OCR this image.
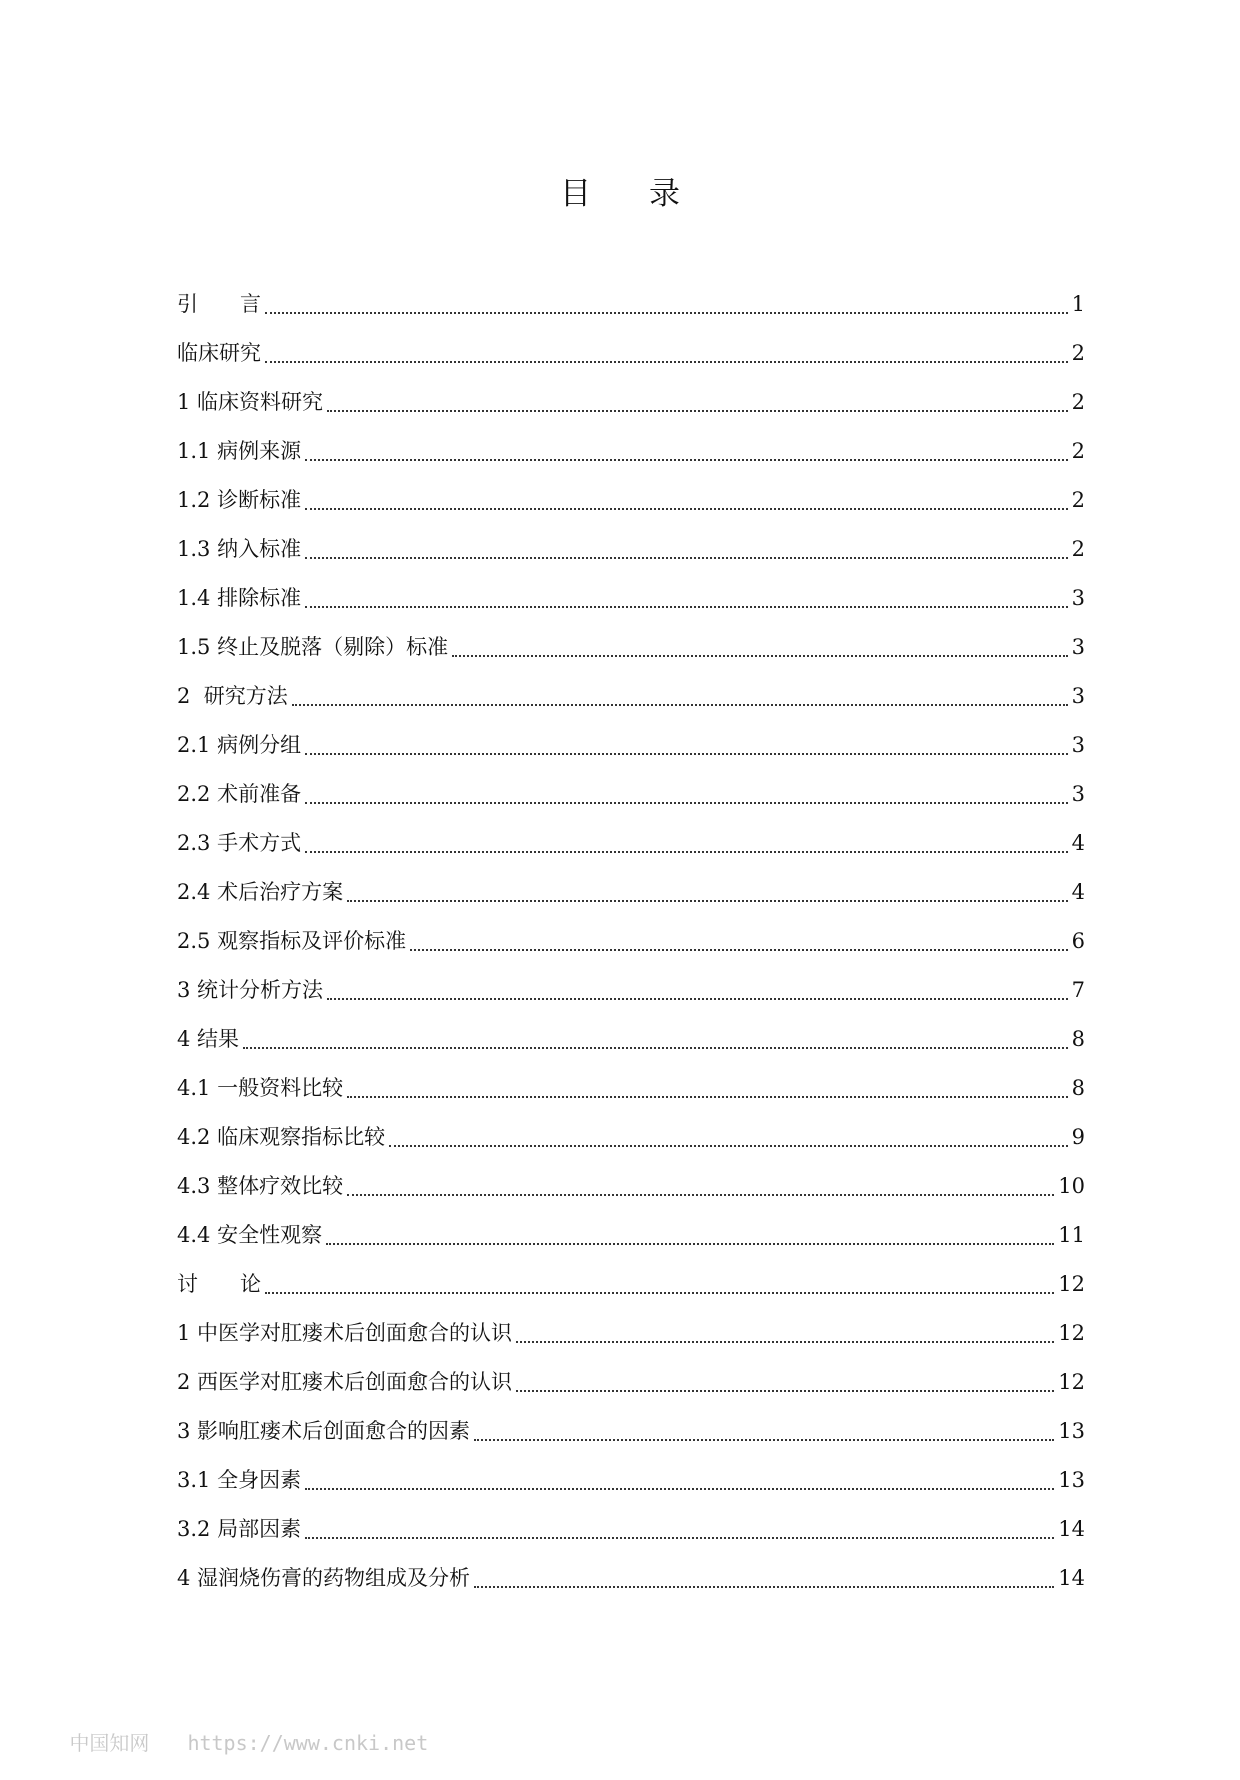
目 录
引　　言	1
临床研究	2
1 临床资料研究	2
1.1 病例来源	2
1.2 诊断标准	2
1.3 纳入标准	2
1.4 排除标准	3
1.5 终止及脱落（剔除）标准	3
2  研究方法	3
2.1 病例分组	3
2.2 术前准备	3
2.3 手术方式	4
2.4 术后治疗方案	4
2.5 观察指标及评价标准	6
3 统计分析方法	7
4 结果	8
4.1 一般资料比较	8
4.2 临床观察指标比较	9
4.3 整体疗效比较	10
4.4 安全性观察	11
讨　　论	12
1 中医学对肛瘘术后创面愈合的认识	12
2 西医学对肛瘘术后创面愈合的认识	12
3 影响肛瘘术后创面愈合的因素	13
3.1 全身因素	13
3.2 局部因素	14
4 湿润烧伤膏的药物组成及分析	14

中国知网 https://www.cnki.net
